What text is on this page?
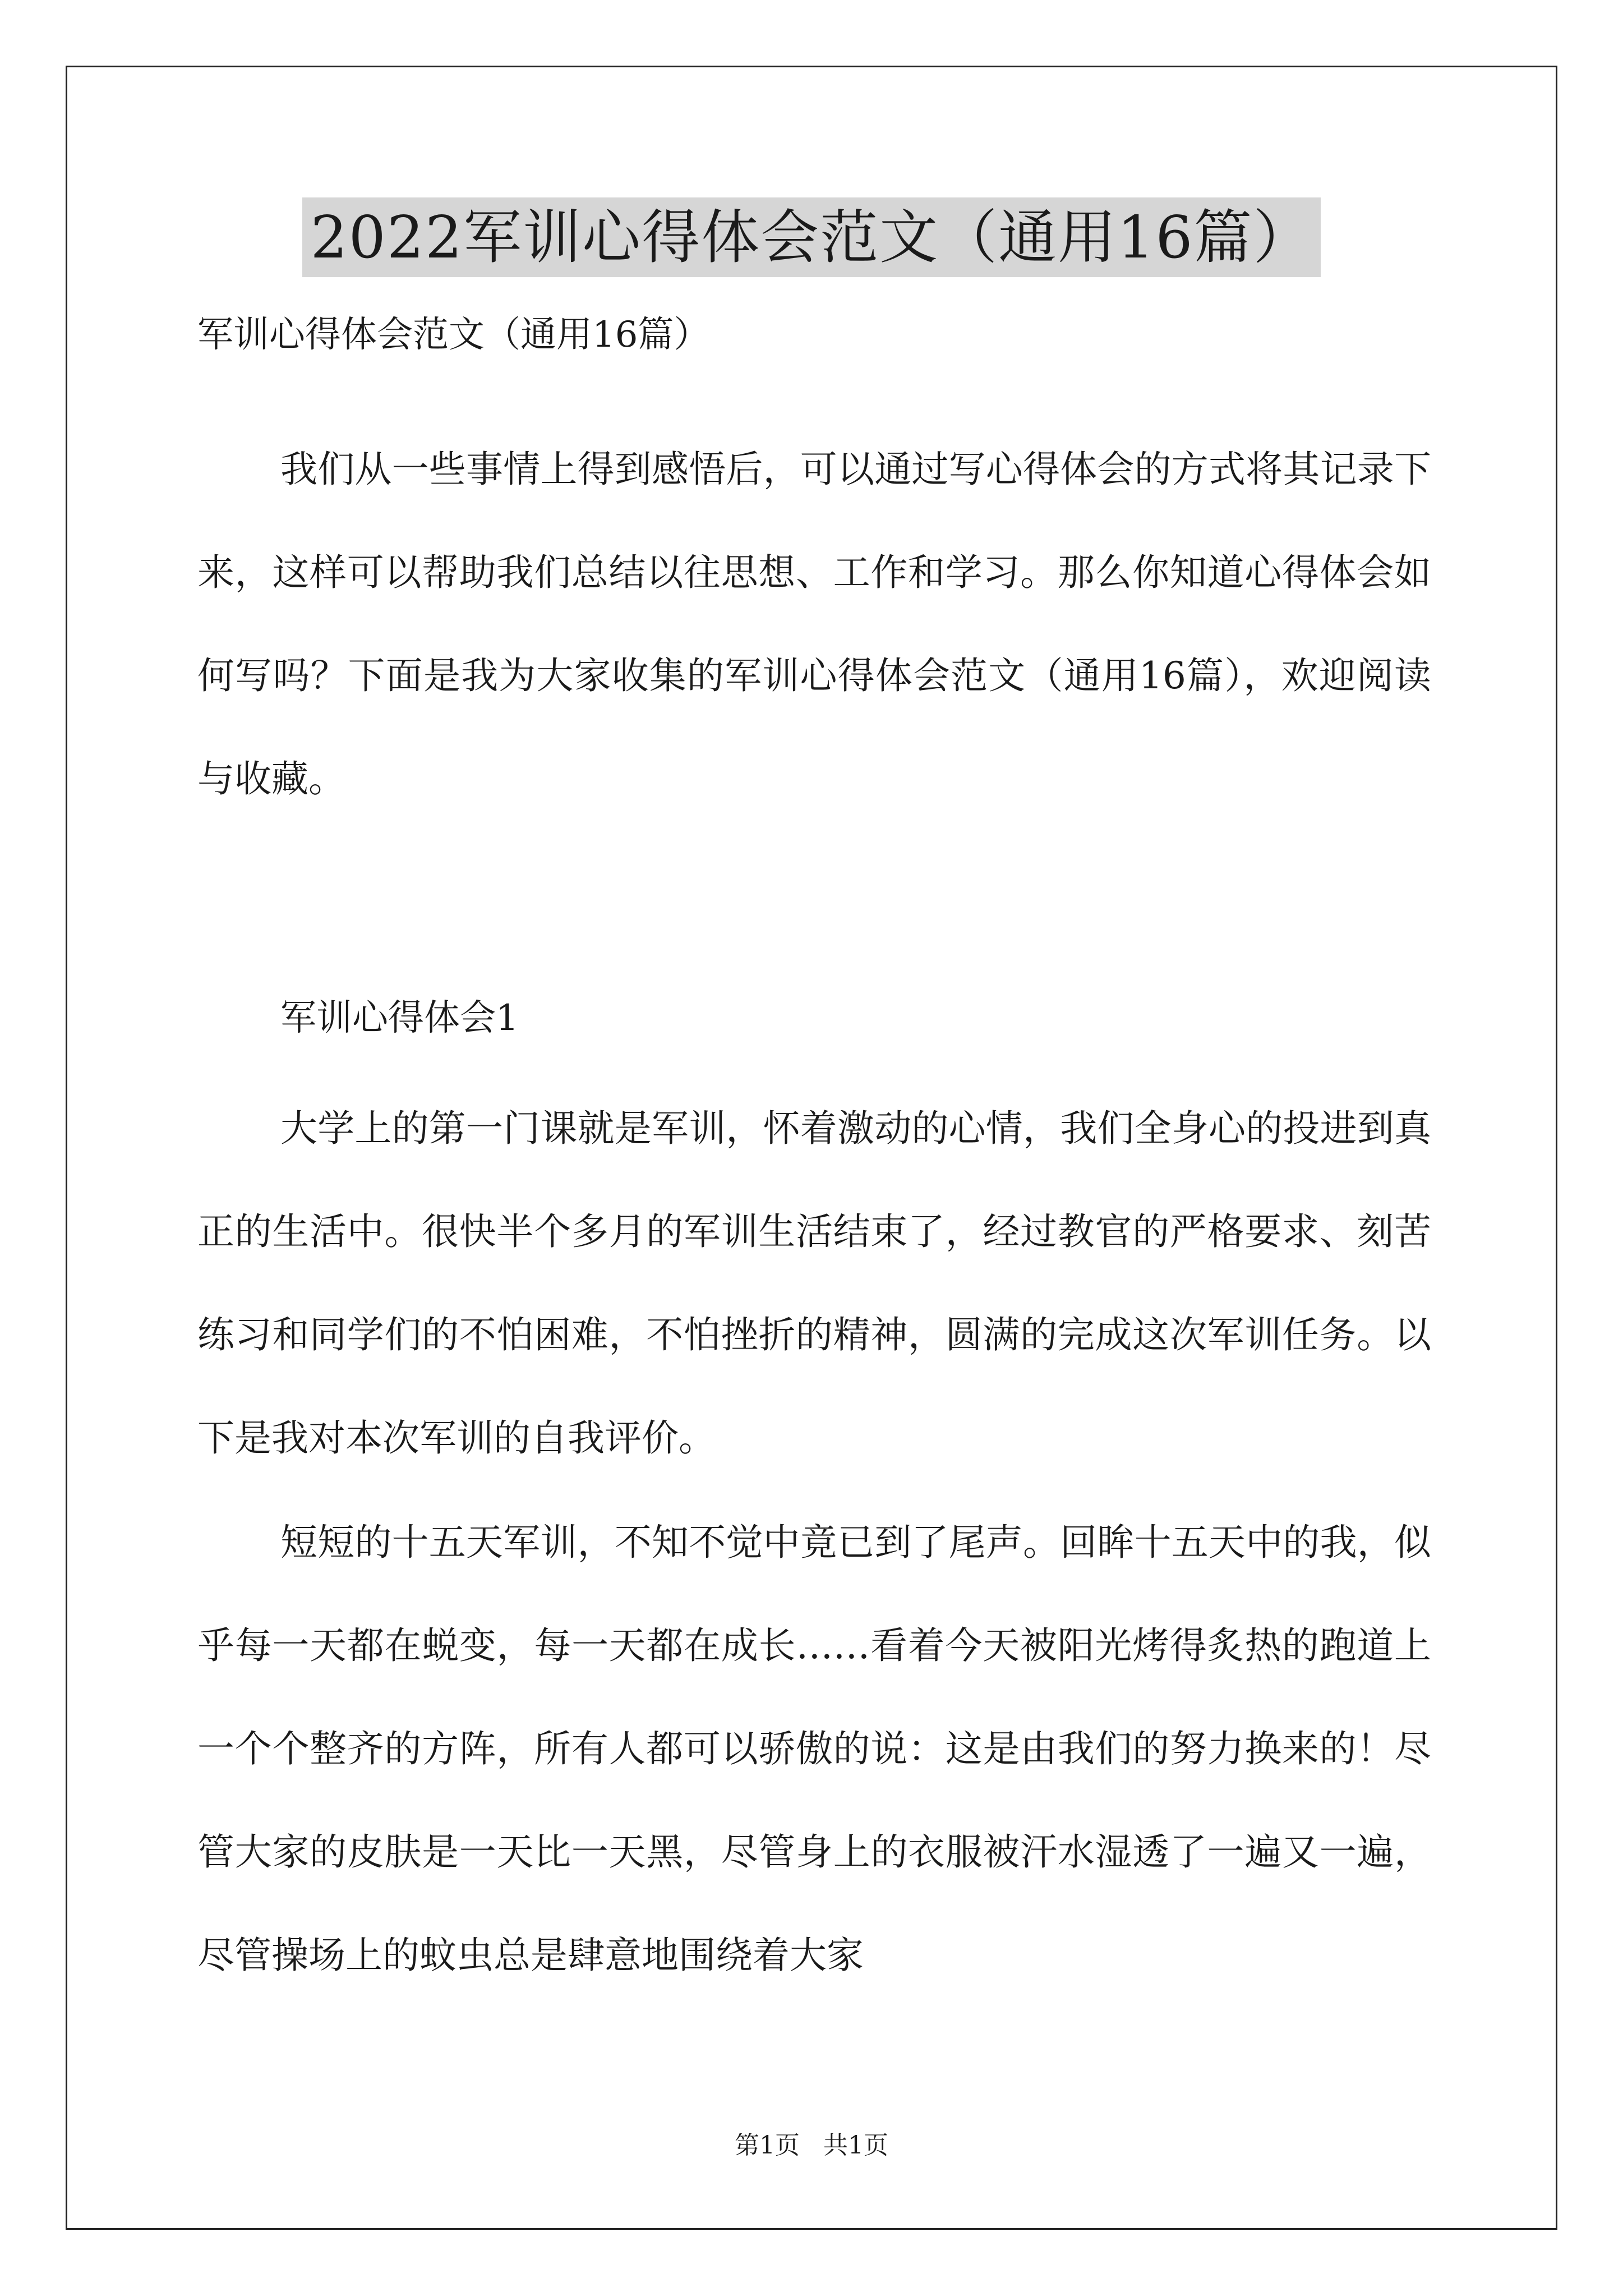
2022军训心得体会范文（通用16篇）
军训心得体会范文（通用16篇）

我们从一些事情上得到感悟后，可以通过写心得体会的方式将其记录下来，这样可以帮助我们总结以往思想、工作和学习。那么你知道心得体会如何写吗？下面是我为大家收集的军训心得体会范文（通用16篇），欢迎阅读与收藏。

军训心得体会1

大学上的第一门课就是军训，怀着激动的心情，我们全身心的投进到真正的生活中。很快半个多月的军训生活结束了，经过教官的严格要求、刻苦练习和同学们的不怕困难，不怕挫折的精神，圆满的完成这次军训任务。以下是我对本次军训的自我评价。

短短的十五天军训，不知不觉中竟已到了尾声。回眸十五天中的我，似乎每一天都在蜕变，每一天都在成长……看着今天被阳光烤得炙热的跑道上一个个整齐的方阵，所有人都可以骄傲的说：这是由我们的努力换来的！尽管大家的皮肤是一天比一天黑，尽管身上的衣服被汗水湿透了一遍又一遍，尽管操场上的蚊虫总是肆意地围绕着大家

第1页   共1页
